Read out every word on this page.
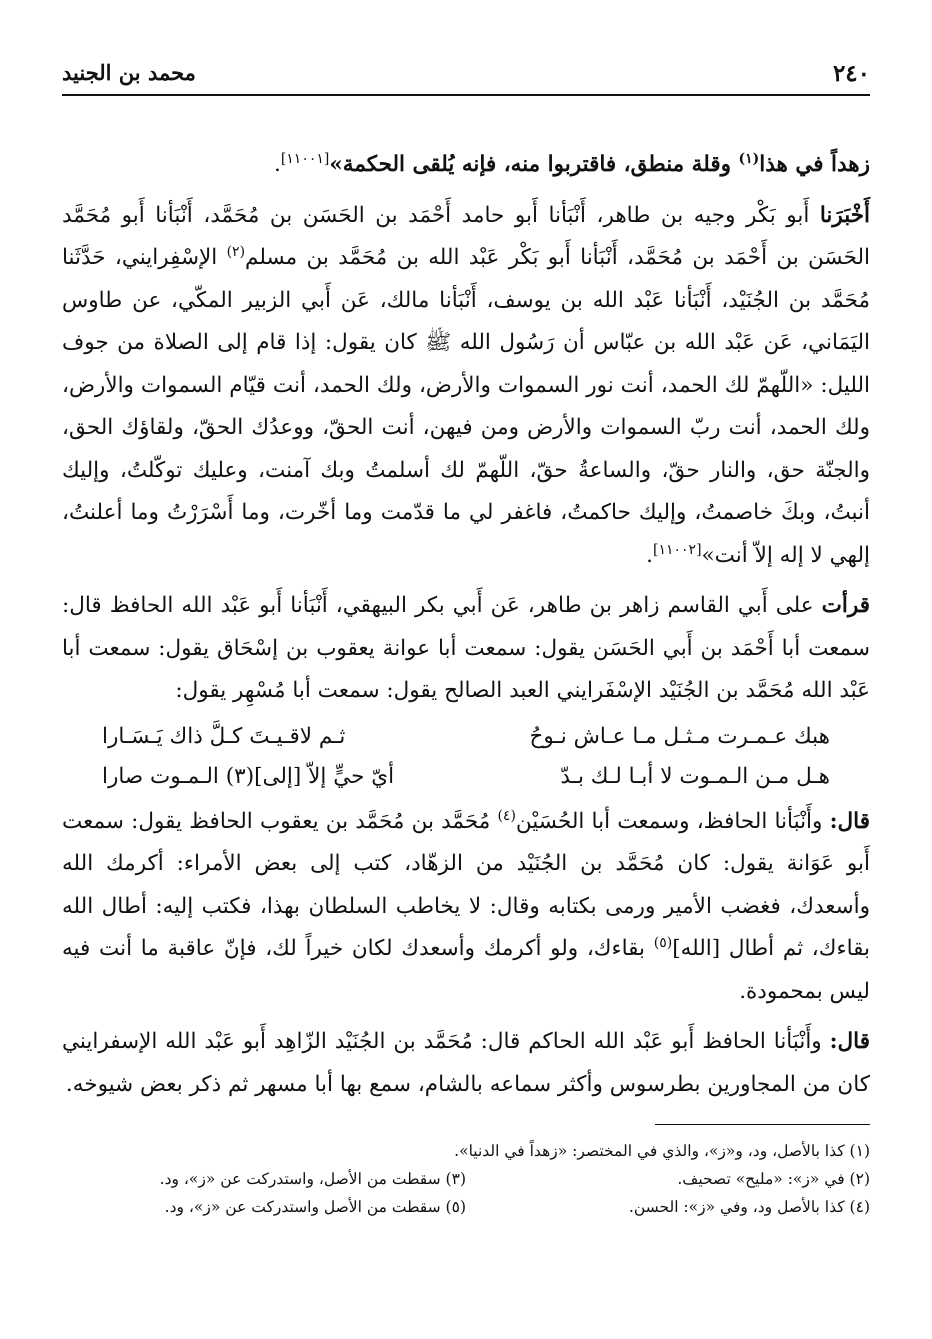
٢٤٠
محمد بن الجنيد

زهداً في هذا$^{(١)}$ وقلة منطق، فاقتربوا منه، فإنه يُلقى الحكمة»[١١٠٠١].

أَخْبَرَنا أَبو بَكْر وجيه بن طاهر، أَنْبَأنا أَبو حامد أَحْمَد بن الحَسَن بن مُحَمَّد، أَنْبَأنا أَبو مُحَمَّد الحَسَن بن أَحْمَد بن مُحَمَّد، أَنْبَأنا أَبو بَكْر عَبْد الله بن مُحَمَّد بن مسلم$^{(٢)}$ الإسْفِرايني، حَدَّثَنا مُحَمَّد بن الجُنَيْد، أَنْبَأنا عَبْد الله بن يوسف، أَنْبَأنا مالك، عَن أَبي الزبير المكّي، عن طاوس اليَمَاني، عَن عَبْد الله بن عبّاس أن رَسُول الله ﷺ كان يقول: إذا قام إلى الصلاة من جوف الليل: «اللّهمّ لك الحمد، أنت نور السموات والأرض، ولك الحمد، أنت قيّام السموات والأرض، ولك الحمد، أنت ربّ السموات والأرض ومن فيهن، أنت الحقّ، ووعدُك الحقّ، ولقاؤك الحق، والجنّة حق، والنار حقّ، والساعةُ حقّ، اللّهمّ لك أسلمتُ وبك آمنت، وعليك توكّلتُ، وإليك أنبتُ، وبكَ خاصمتُ، وإليك حاكمتُ، فاغفر لي ما قدّمت وما أخّرت، وما أَسْرَرْتُ وما أعلنتُ، إلهي لا إله إلاّ أنت»[١١٠٠٢].

قرأت على أَبي القاسم زاهر بن طاهر، عَن أَبي بكر البيهقي، أَنْبَأنا أَبو عَبْد الله الحافظ قال: سمعت أبا أَحْمَد بن أَبي الحَسَن يقول: سمعت أبا عوانة يعقوب بن إسْحَاق يقول: سمعت أبا عَبْد الله مُحَمَّد بن الجُنَيْد الإسْفَرايني العبد الصالح يقول: سمعت أبا مُسْهِر يقول:

هبك عـمـرت مـثـل مـا عـاش نـوحُ
ثـم لاقـيـتَ كـلَّ ذاك يَـسَـارا
هـل مـن الـمـوت لا أبـا لـك بـدّ
أيّ حيٍّ إلاّ [إلى](٣) الـمـوت صارا

قال: وأَنْبَأنا الحافظ، وسمعت أبا الحُسَيْن$^{(٤)}$ مُحَمَّد بن مُحَمَّد بن يعقوب الحافظ يقول: سمعت أَبو عَوَانة يقول: كان مُحَمَّد بن الجُنَيْد من الزهّاد، كتب إلى بعض الأمراء: أكرمك الله وأسعدك، فغضب الأمير ورمى بكتابه وقال: لا يخاطب السلطان بهذا، فكتب إليه: أطال الله بقاءك، ثم أطال [الله]$^{(٥)}$ بقاءك، ولو أكرمك وأسعدك لكان خيراً لك، فإنّ عاقبة ما أنت فيه ليس بمحمودة.

قال: وأَنْبَأنا الحافظ أَبو عَبْد الله الحاكم قال: مُحَمَّد بن الجُنَيْد الزّاهِد أَبو عَبْد الله الإسفرايني كان من المجاورين بطرسوس وأكثر سماعه بالشام، سمع بها أبا مسهر ثم ذكر بعض شيوخه.

(١) كذا بالأصل، ود، و«ز»، والذي في المختصر: «زهداً في الدنيا».
(٢) في «ز»: «مليح» تصحيف.
(٣) سقطت من الأصل، واستدركت عن «ز»، ود.
(٤) كذا بالأصل ود، وفي «ز»: الحسن.
(٥) سقطت من الأصل واستدركت عن «ز»، ود.
